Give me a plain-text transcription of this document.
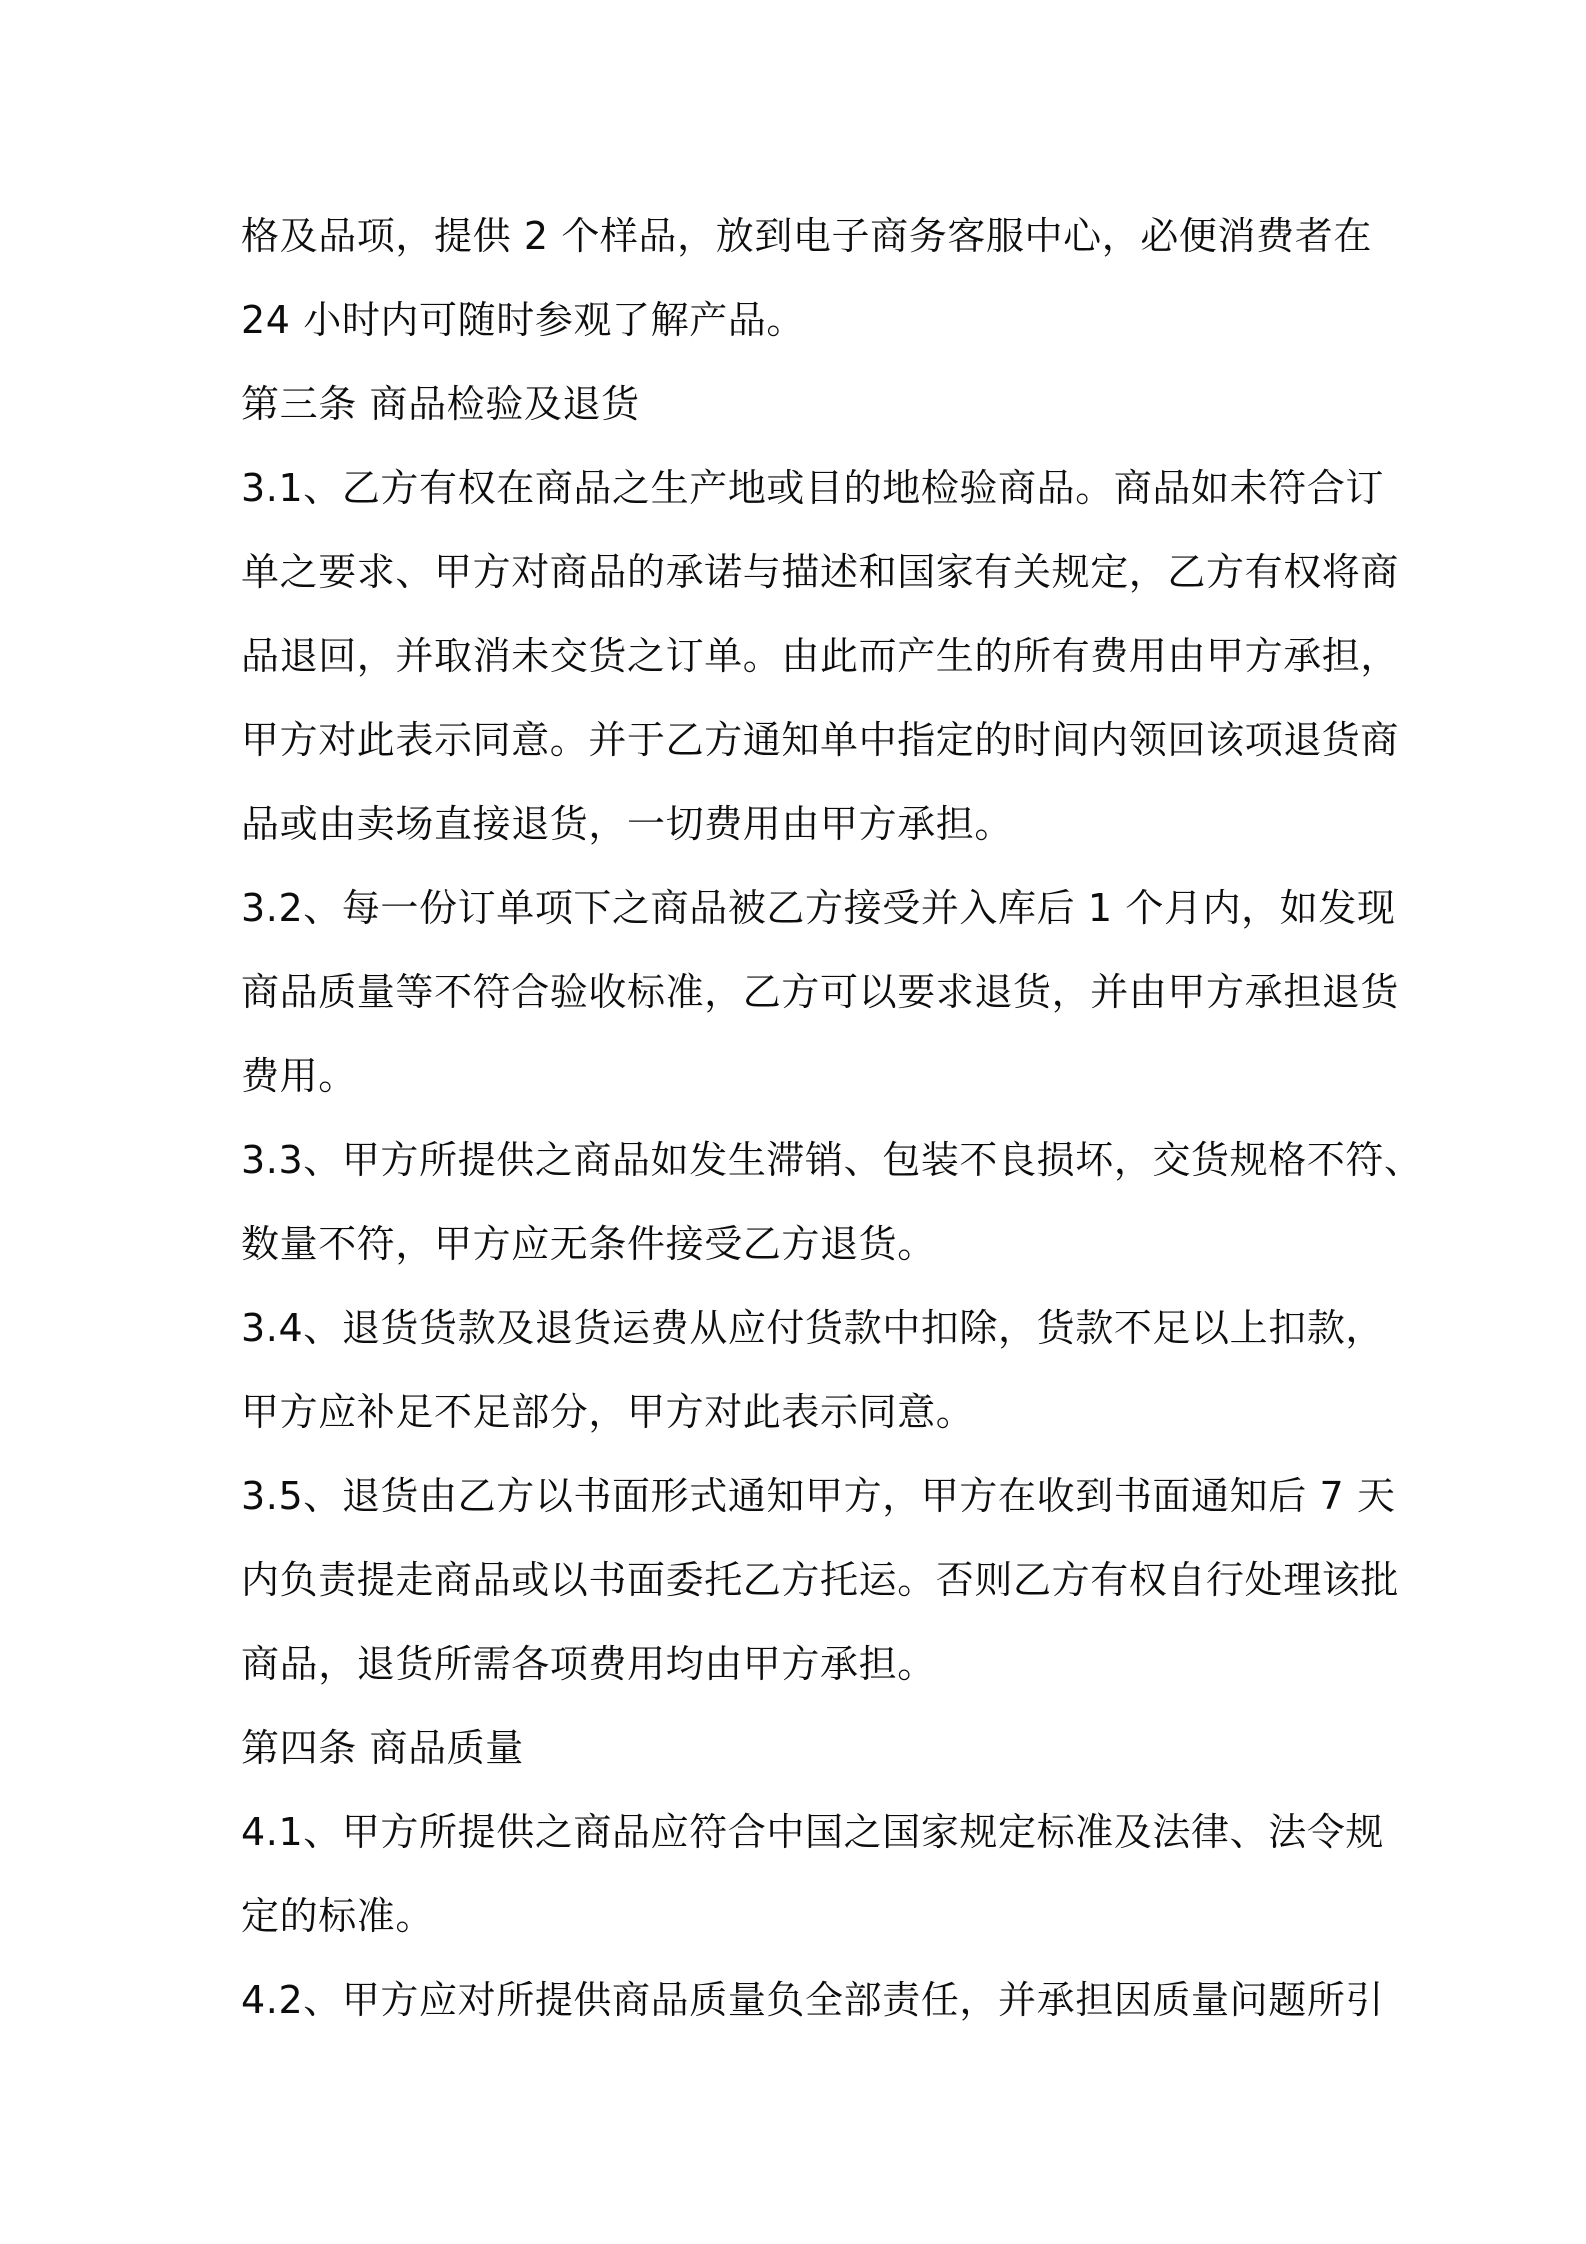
格及品项，提供 2 个样品，放到电子商务客服中心，必便消费者在
24 小时内可随时参观了解产品。
第三条 商品检验及退货
3.1、乙方有权在商品之生产地或目的地检验商品。商品如未符合订
单之要求、甲方对商品的承诺与描述和国家有关规定，乙方有权将商
品退回，并取消未交货之订单。由此而产生的所有费用由甲方承担，
甲方对此表示同意。并于乙方通知单中指定的时间内领回该项退货商
品或由卖场直接退货，一切费用由甲方承担。
3.2、每一份订单项下之商品被乙方接受并入库后 1 个月内，如发现
商品质量等不符合验收标准，乙方可以要求退货，并由甲方承担退货
费用。
3.3、甲方所提供之商品如发生滞销、包装不良损坏，交货规格不符、
数量不符，甲方应无条件接受乙方退货。
3.4、退货货款及退货运费从应付货款中扣除，货款不足以上扣款，
甲方应补足不足部分，甲方对此表示同意。
3.5、退货由乙方以书面形式通知甲方，甲方在收到书面通知后 7 天
内负责提走商品或以书面委托乙方托运。否则乙方有权自行处理该批
商品，退货所需各项费用均由甲方承担。
第四条 商品质量
4.1、甲方所提供之商品应符合中国之国家规定标准及法律、法令规
定的标准。
4.2、甲方应对所提供商品质量负全部责任，并承担因质量问题所引
